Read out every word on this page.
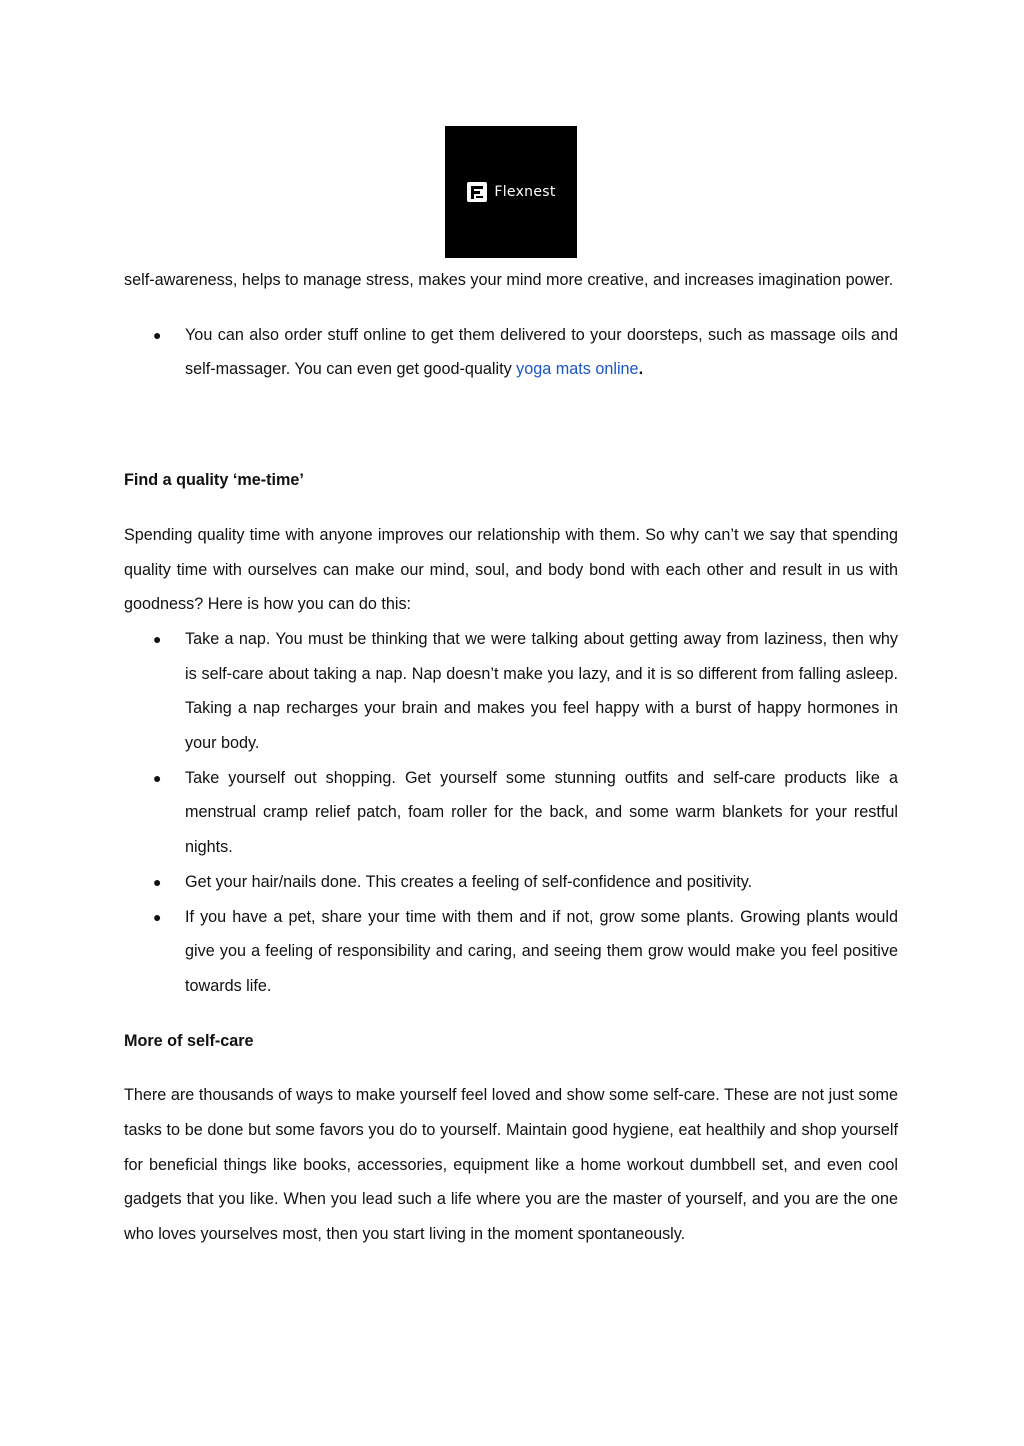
Flexnest

self-awareness, helps to manage stress, makes your mind more creative, and increases imagination power.

● You can also order stuff online to get them delivered to your doorsteps, such as massage oils and self-massager. You can even get good-quality yoga mats online.
Find a quality ‘me-time’

Spending quality time with anyone improves our relationship with them. So why can’t we say that spending quality time with ourselves can make our mind, soul, and body bond with each other and result in us with goodness? Here is how you can do this:

● Take a nap. You must be thinking that we were talking about getting away from laziness, then why is self-care about taking a nap. Nap doesn’t make you lazy, and it is so different from falling asleep. Taking a nap recharges your brain and makes you feel happy with a burst of happy hormones in your body.
● Take yourself out shopping. Get yourself some stunning outfits and self-care products like a menstrual cramp relief patch, foam roller for the back, and some warm blankets for your restful nights.
● Get your hair/nails done. This creates a feeling of self-confidence and positivity.
● If you have a pet, share your time with them and if not, grow some plants. Growing plants would give you a feeling of responsibility and caring, and seeing them grow would make you feel positive towards life.
More of self-care

There are thousands of ways to make yourself feel loved and show some self-care. These are not just some tasks to be done but some favors you do to yourself. Maintain good hygiene, eat healthily and shop yourself for beneficial things like books, accessories, equipment like a home workout dumbbell set, and even cool gadgets that you like. When you lead such a life where you are the master of yourself, and you are the one who loves yourselves most, then you start living in the moment spontaneously.
